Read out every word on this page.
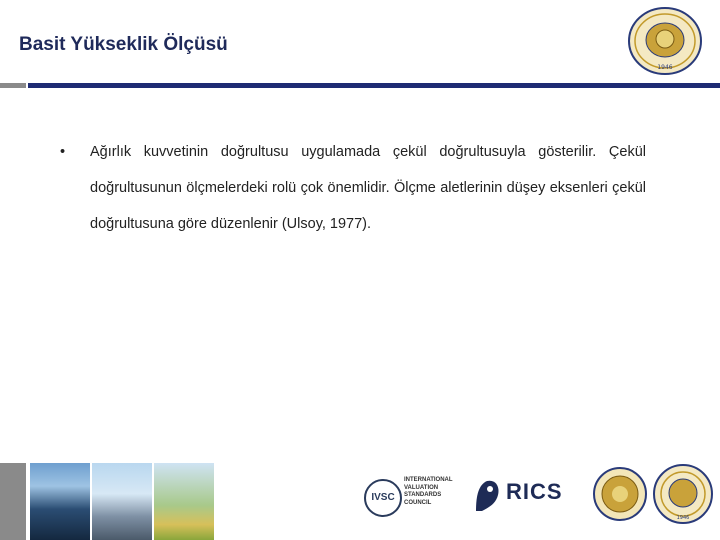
Basit Yükseklik Ölçüsü
1946
• Ağırlık kuvvetinin doğrultusu uygulamada çekül doğrultusuyla gösterilir. Çekül doğrultusunun ölçmelerdeki rolü çok önemlidir. Ölçme aletlerinin düşey eksenleri çekül doğrultusuna göre düzenlenir (Ulsoy, 1977).
IVSC
INTERNATIONAL VALUATION STANDARDS COUNCIL	RICS
1946
